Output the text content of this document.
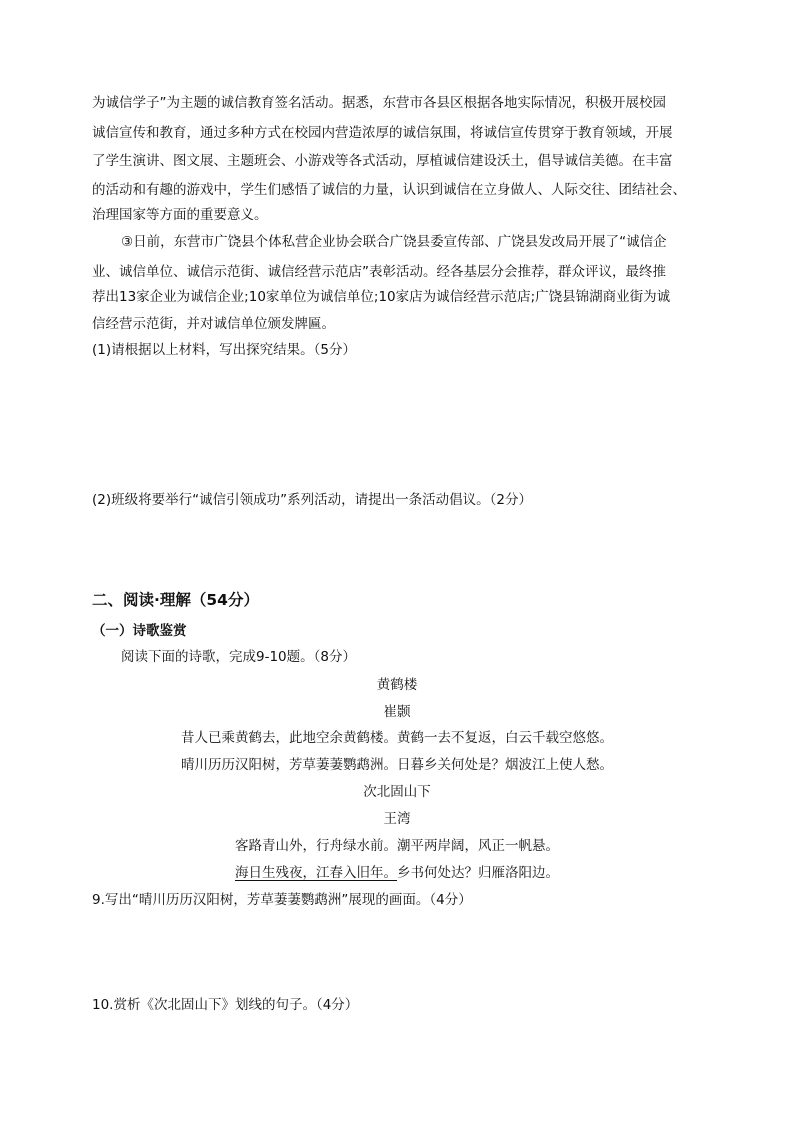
为诚信学子”为主题的诚信教育签名活动。据悉，东营市各县区根据各地实际情况，积极开展校园
诚信宣传和教育，通过多种方式在校园内营造浓厚的诚信氛围，将诚信宣传贯穿于教育领域，开展
了学生演讲、图文展、主题班会、小游戏等各式活动，厚植诚信建设沃土，倡导诚信美德。在丰富
的活动和有趣的游戏中，学生们感悟了诚信的力量，认识到诚信在立身做人、人际交往、团结社会、
治理国家等方面的重要意义。
③日前，东营市广饶县个体私营企业协会联合广饶县委宣传部、广饶县发改局开展了“诚信企
业、诚信单位、诚信示范街、诚信经营示范店”表彰活动。经各基层分会推荐，群众评议，最终推
荐出13家企业为诚信企业;10家单位为诚信单位;10家店为诚信经营示范店;广饶县锦湖商业街为诚
信经营示范街，并对诚信单位颁发牌匾。
(1)请根据以上材料，写出探究结果。（5分）
(2)班级将要举行“诚信引领成功”系列活动，请提出一条活动倡议。（2分）
二、阅读·理解（54分）
（一）诗歌鉴赏
阅读下面的诗歌，完成9-10题。（8分）
黄鹤楼
崔颢
昔人已乘黄鹤去，此地空余黄鹤楼。黄鹤一去不复返，白云千载空悠悠。
晴川历历汉阳树，芳草萋萋鹦鹉洲。日暮乡关何处是？烟波江上使人愁。
次北固山下
王湾
客路青山外，行舟绿水前。潮平两岸阔，风正一帆悬。
海日生残夜，江春入旧年。乡书何处达？归雁洛阳边。
9.写出“晴川历历汉阳树，芳草萋萋鹦鹉洲”展现的画面。（4分）
10.赏析《次北固山下》划线的句子。（4分）
